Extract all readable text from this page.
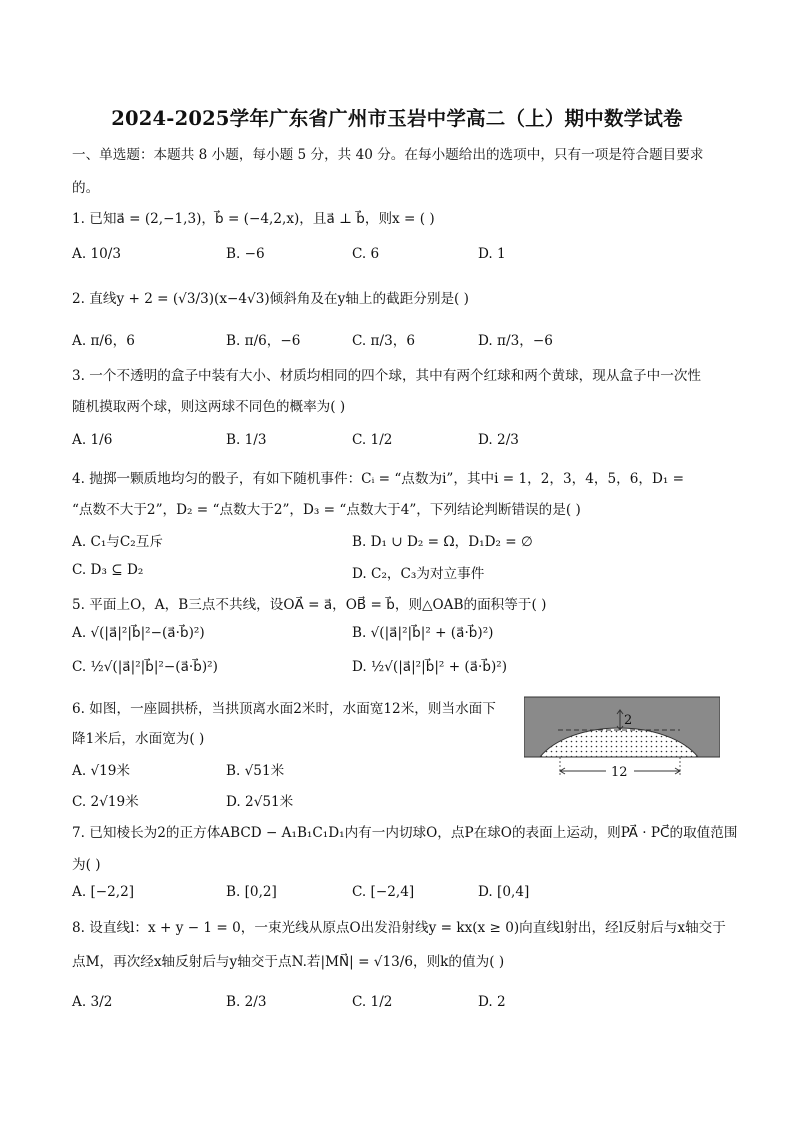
2024-2025学年广东省广州市玉岩中学高二（上）期中数学试卷
一、单选题：本题共 8 小题，每小题 5 分，共 40 分。在每小题给出的选项中，只有一项是符合题目要求
的。
1. 已知a⃗ = (2,−1,3)，b⃗ = (−4,2,x)，且a⃗ ⊥ b⃗，则x = ( )
A. 10/3	B. −6	C. 6	D. 1
2. 直线y + 2 = (√3/3)(x−4√3)倾斜角及在y轴上的截距分别是( )
A. π/6，6	B. π/6，−6	C. π/3，6	D. π/3，−6
3. 一个不透明的盒子中装有大小、材质均相同的四个球，其中有两个红球和两个黄球，现从盒子中一次性
随机摸取两个球，则这两球不同色的概率为( )
A. 1/6	B. 1/3	C. 1/2	D. 2/3
4. 抛掷一颗质地均匀的骰子，有如下随机事件：Cᵢ = “点数为i”，其中i = 1，2，3，4，5，6，D₁ =
“点数不大于2”，D₂ = “点数大于2”，D₃ = “点数大于4”，下列结论判断错误的是( )
A. C₁与C₂互斥	B. D₁ ∪ D₂ = Ω，D₁D₂ = ∅
C. D₃ ⊆ D₂	D. C₂，C₃为对立事件
5. 平面上O，A，B三点不共线，设OA⃗ = a⃗，OB⃗ = b⃗，则△OAB的面积等于( )
A. √(|a⃗|²|b⃗|²−(a⃗·b⃗)²)	B. √(|a⃗|²|b⃗|² + (a⃗·b⃗)²)
C. ½√(|a⃗|²|b⃗|²−(a⃗·b⃗)²)	D. ½√(|a⃗|²|b⃗|² + (a⃗·b⃗)²)
6. 如图，一座圆拱桥，当拱顶离水面2米时，水面宽12米，则当水面下
降1米后，水面宽为( )
A. √19米	B. √51米
C. 2√19米	D. 2√51米
2
12
7. 已知棱长为2的正方体ABCD − A₁B₁C₁D₁内有一内切球O，点P在球O的表面上运动，则PA⃗ · PC⃗的取值范围
为( )
A. [−2,2]	B. [0,2]	C. [−2,4]	D. [0,4]
8. 设直线l：x + y − 1 = 0，一束光线从原点O出发沿射线y = kx(x ≥ 0)向直线l射出，经l反射后与x轴交于
点M，再次经x轴反射后与y轴交于点N.若|MN⃗| = √13/6，则k的值为( )
A. 3/2	B. 2/3	C. 1/2	D. 2
